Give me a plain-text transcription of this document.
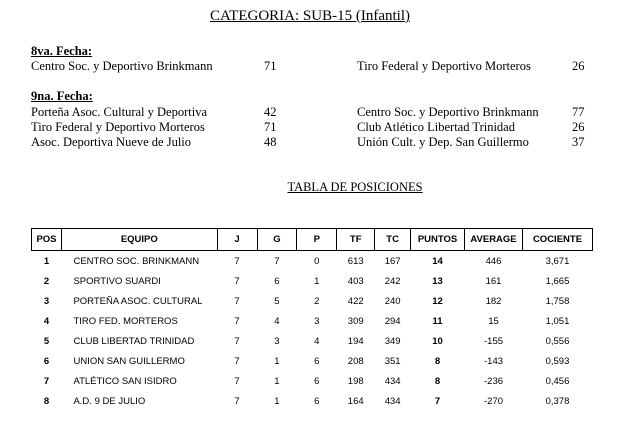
CATEGORIA: SUB-15 (Infantil)
8va. Fecha:
Centro Soc. y Deportivo Brinkmann	71	Tiro Federal y Deportivo Morteros	26
9na. Fecha:
Porteña Asoc. Cultural y Deportiva	42	Centro Soc. y Deportivo Brinkmann	77
Tiro Federal y Deportivo Morteros	71	Club Atlético Libertad Trinidad	26
Asoc. Deportiva Nueve de Julio	48	Unión Cult. y Dep. San Guillermo	37
TABLA DE POSICIONES
POS	EQUIPO	J	G	P	TF	TC	PUNTOS	AVERAGE	COCIENTE
1	CENTRO SOC. BRINKMANN	7	7	0	613	167	14	446	3,671
2	SPORTIVO SUARDI	7	6	1	403	242	13	161	1,665
3	PORTEÑA ASOC. CULTURAL	7	5	2	422	240	12	182	1,758
4	TIRO FED. MORTEROS	7	4	3	309	294	11	15	1,051
5	CLUB LIBERTAD TRINIDAD	7	3	4	194	349	10	-155	0,556
6	UNION SAN GUILLERMO	7	1	6	208	351	8	-143	0,593
7	ATLÉTICO SAN ISIDRO	7	1	6	198	434	8	-236	0,456
8	A.D. 9 DE JULIO	7	1	6	164	434	7	-270	0,378
